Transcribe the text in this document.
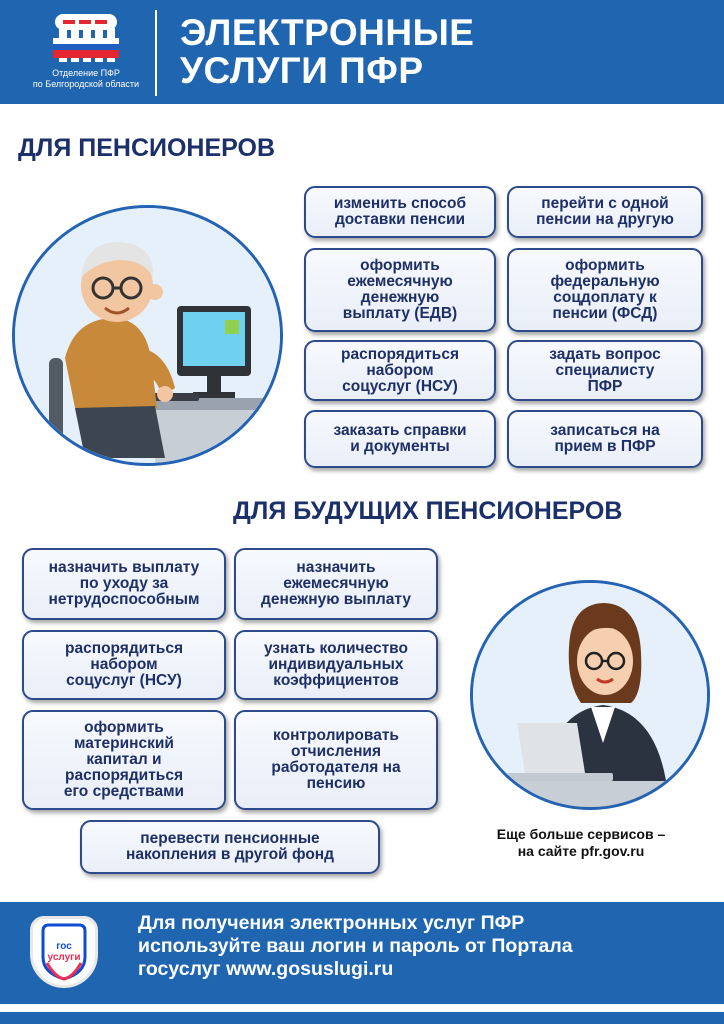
Отделение ПФР
по Белгородской области
ЭЛЕКТРОННЫЕ
УСЛУГИ ПФР
ДЛЯ ПЕНСИОНЕРОВ
изменить способ
доставки пенсии
перейти с одной
пенсии на другую
оформить
ежемесячную
денежную
выплату (ЕДВ)
оформить
федеральную
соцдоплату к
пенсии (ФСД)
распорядиться
набором
соцуслуг (НСУ)
задать вопрос
специалисту
ПФР
заказать справки
и документы
записаться на
прием в ПФР
ДЛЯ БУДУЩИХ ПЕНСИОНЕРОВ
назначить выплату
по уходу за
нетрудоспособным
назначить
ежемесячную
денежную выплату
распорядиться
набором
соцуслуг (НСУ)
узнать количество
индивидуальных
коэффициентов
оформить
материнский
капитал и
распорядиться
его средствами
контролировать
отчисления
работодателя на
пенсию
перевести пенсионные
накопления в другой фонд
Еще больше сервисов –
на сайте pfr.gov.ru
гос
услуги
Для получения электронных услуг ПФР
используйте ваш логин и пароль от Портала
госуслуг www.gosuslugi.ru
